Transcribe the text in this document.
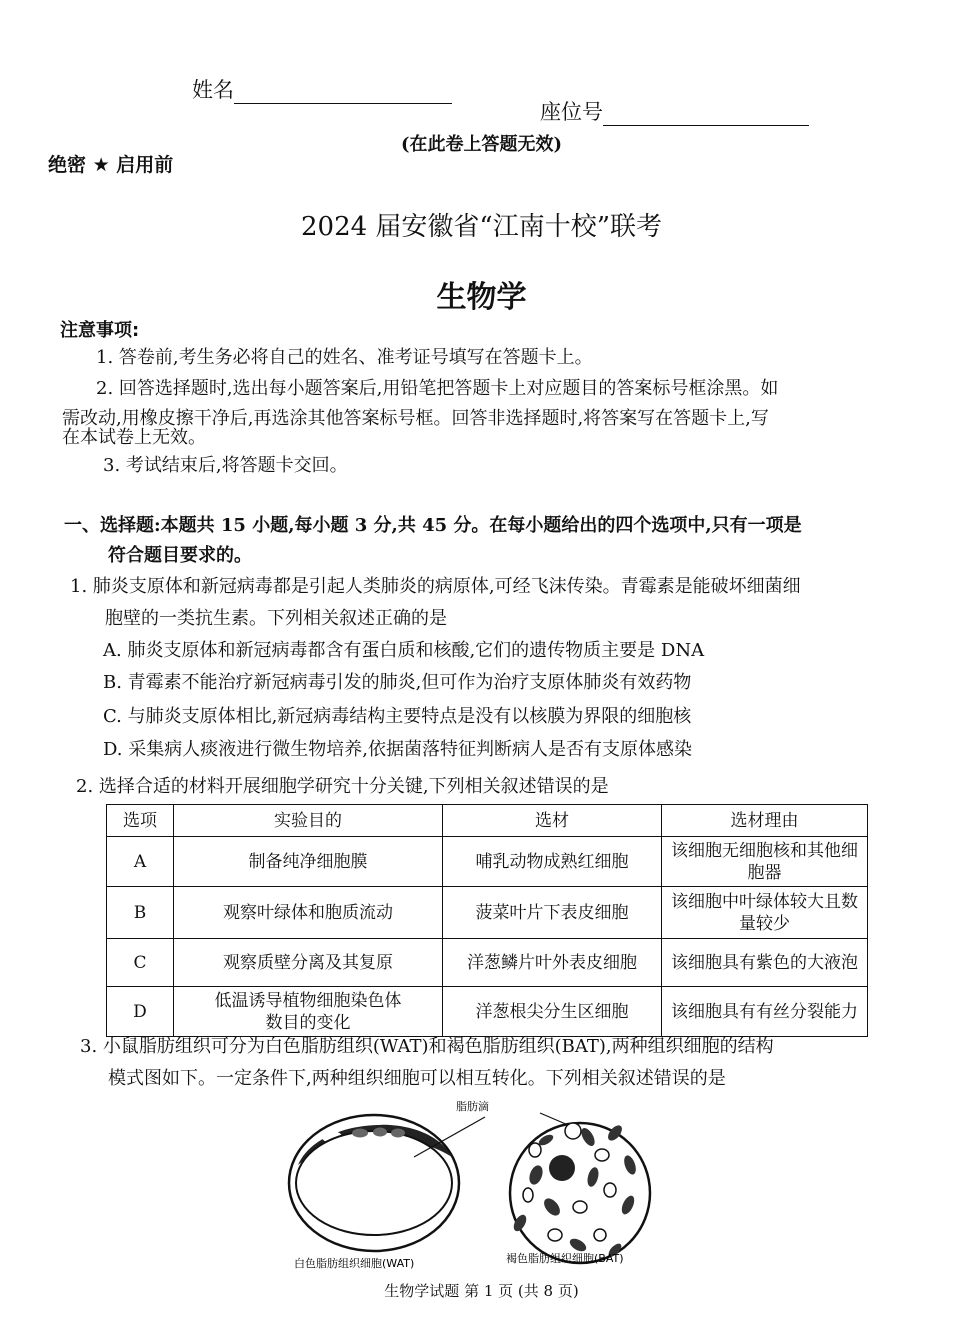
姓名
座位号
(在此卷上答题无效)
绝密 ★ 启用前
2024 届安徽省“江南十校”联考
生物学
注意事项:
1. 答卷前,考生务必将自己的姓名、准考证号填写在答题卡上。
2. 回答选择题时,选出每小题答案后,用铅笔把答题卡上对应题目的答案标号框涂黑。如
需改动,用橡皮擦干净后,再选涂其他答案标号框。回答非选择题时,将答案写在答题卡上,写
在本试卷上无效。
3. 考试结束后,将答题卡交回。
一、选择题:本题共 15 小题,每小题 3 分,共 45 分。在每小题给出的四个选项中,只有一项是
符合题目要求的。
1. 肺炎支原体和新冠病毒都是引起人类肺炎的病原体,可经飞沫传染。青霉素是能破坏细菌细
胞壁的一类抗生素。下列相关叙述正确的是
A. 肺炎支原体和新冠病毒都含有蛋白质和核酸,它们的遗传物质主要是 DNA
B. 青霉素不能治疗新冠病毒引发的肺炎,但可作为治疗支原体肺炎有效药物
C. 与肺炎支原体相比,新冠病毒结构主要特点是没有以核膜为界限的细胞核
D. 采集病人痰液进行微生物培养,依据菌落特征判断病人是否有支原体感染
2. 选择合适的材料开展细胞学研究十分关键,下列相关叙述错误的是
选项	实验目的	选材	选材理由
A	制备纯净细胞膜	哺乳动物成熟红细胞	该细胞无细胞核和其他细
胞器

B	观察叶绿体和胞质流动	菠菜叶片下表皮细胞	该细胞中叶绿体较大且数
量较少

C	观察质壁分离及其复原	洋葱鳞片叶外表皮细胞	该细胞具有紫色的大液泡
D	低温诱导植物细胞染色体
数目的变化	洋葱根尖分生区细胞	该细胞具有有丝分裂能力
3. 小鼠脂肪组织可分为白色脂肪组织(WAT)和褐色脂肪组织(BAT),两种组织细胞的结构
模式图如下。一定条件下,两种组织细胞可以相互转化。下列相关叙述错误的是
脂肪滴
白色脂肪组织细胞(WAT)	褐色脂肪组织细胞(BAT)
生物学试题 第 1 页 (共 8 页)
